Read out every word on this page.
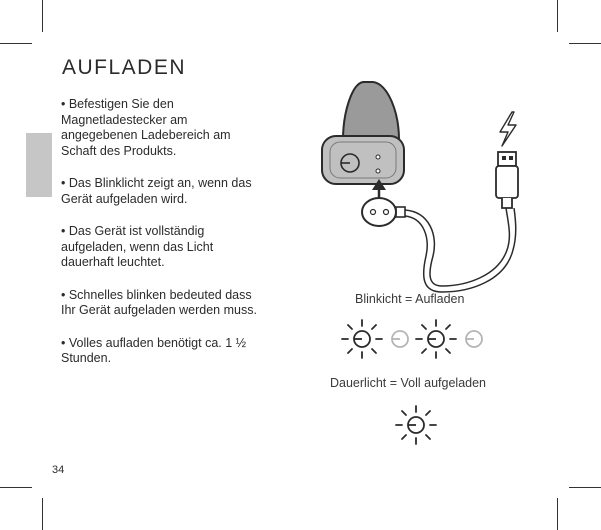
AUFLADEN
• Befestigen Sie den Magnetladestecker am angegebenen Ladebereich am Schaft des Produkts.
• Das Blinklicht zeigt an, wenn das Gerät aufgeladen wird.
• Das Gerät ist vollständig aufgeladen, wenn das Licht dauerhaft leuchtet.
• Schnelles blinken bedeuted dass Ihr Gerät aufgeladen werden muss.
• Volles aufladen benötigt ca. 1 ½ Stunden.
Blinkicht = Aufladen
Dauerlicht = Voll aufgeladen
34
